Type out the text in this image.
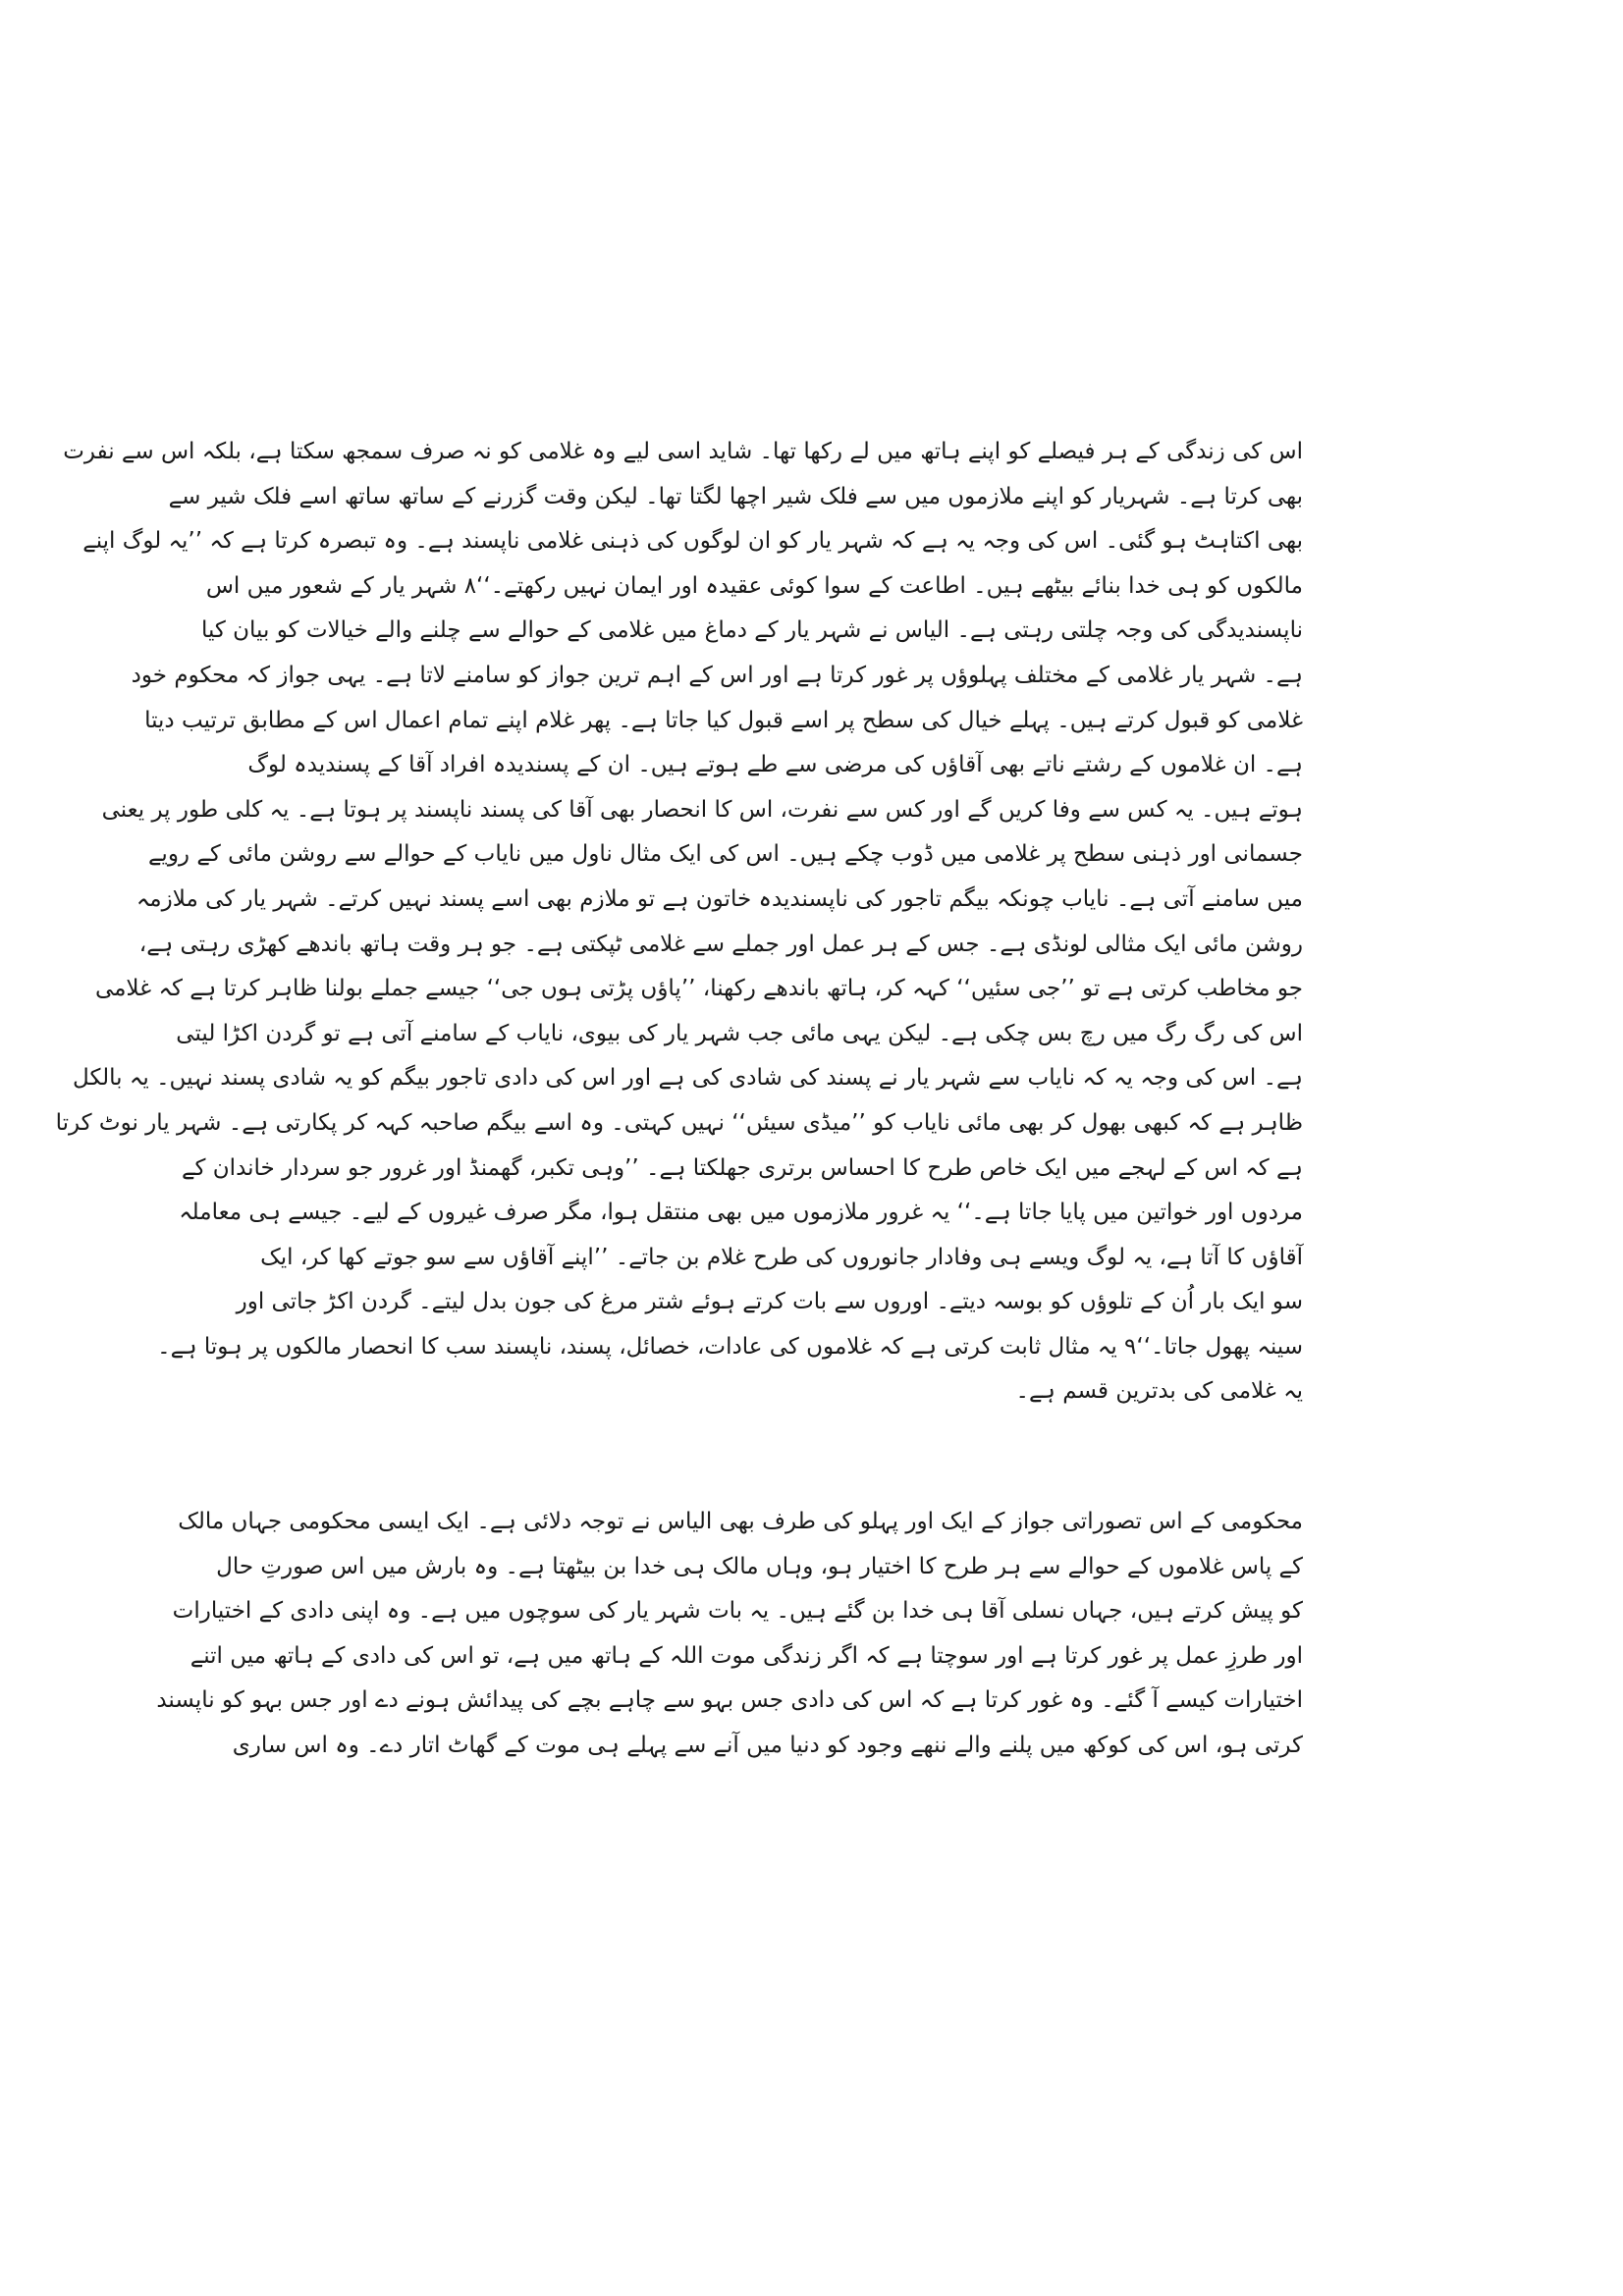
اس کی زندگی کے ہر فیصلے کو اپنے ہاتھ میں لے رکھا تھا۔ شاید اسی لیے وہ غلامی کو نہ صرف سمجھ سکتا ہے، بلکہ اس سے نفرت
بھی کرتا ہے۔ شہریار کو اپنے ملازموں میں سے فلک شیر اچھا لگتا تھا۔ لیکن وقت گزرنے کے ساتھ ساتھ اسے فلک شیر سے
بھی اکتاہٹ ہو گئی۔ اس کی وجہ یہ ہے کہ شہر یار کو ان لوگوں کی ذہنی غلامی ناپسند ہے۔ وہ تبصرہ کرتا ہے کہ ’’یہ لوگ اپنے
مالکوں کو ہی خدا بنائے بیٹھے ہیں۔ اطاعت کے سوا کوئی عقیدہ اور ایمان نہیں رکھتے۔‘‘۸ شہر یار کے شعور میں اس
ناپسندیدگی کی وجہ چلتی رہتی ہے۔ الیاس نے شہر یار کے دماغ میں غلامی کے حوالے سے چلنے والے خیالات کو بیان کیا
ہے۔ شہر یار غلامی کے مختلف پہلوؤں پر غور کرتا ہے اور اس کے اہم ترین جواز کو سامنے لاتا ہے۔ یہی جواز کہ محکوم خود
غلامی کو قبول کرتے ہیں۔ پہلے خیال کی سطح پر اسے قبول کیا جاتا ہے۔ پھر غلام اپنے تمام اعمال اس کے مطابق ترتیب دیتا
ہے۔ ان غلاموں کے رشتے ناتے بھی آقاؤں کی مرضی سے طے ہوتے ہیں۔ ان کے پسندیدہ افراد آقا کے پسندیدہ لوگ
ہوتے ہیں۔ یہ کس سے وفا کریں گے اور کس سے نفرت، اس کا انحصار بھی آقا کی پسند ناپسند پر ہوتا ہے۔ یہ کلی طور پر یعنی
جسمانی اور ذہنی سطح پر غلامی میں ڈوب چکے ہیں۔ اس کی ایک مثال ناول میں نایاب کے حوالے سے روشن مائی کے رویے
میں سامنے آتی ہے۔ نایاب چونکہ بیگم تاجور کی ناپسندیدہ خاتون ہے تو ملازم بھی اسے پسند نہیں کرتے۔ شہر یار کی ملازمہ
روشن مائی ایک مثالی لونڈی ہے۔ جس کے ہر عمل اور جملے سے غلامی ٹپکتی ہے۔ جو ہر وقت ہاتھ باندھے کھڑی رہتی ہے،
جو مخاطب کرتی ہے تو ’’جی سئیں‘‘ کہہ کر، ہاتھ باندھے رکھنا، ’’پاؤں پڑتی ہوں جی‘‘ جیسے جملے بولنا ظاہر کرتا ہے کہ غلامی
اس کی رگ رگ میں رچ بس چکی ہے۔ لیکن یہی مائی جب شہر یار کی بیوی، نایاب کے سامنے آتی ہے تو گردن اکڑا لیتی
ہے۔ اس کی وجہ یہ کہ نایاب سے شہر یار نے پسند کی شادی کی ہے اور اس کی دادی تاجور بیگم کو یہ شادی پسند نہیں۔ یہ بالکل
ظاہر ہے کہ کبھی بھول کر بھی مائی نایاب کو ’’میڈی سیئں‘‘ نہیں کہتی۔ وہ اسے بیگم صاحبہ کہہ کر پکارتی ہے۔ شہر یار نوٹ کرتا
ہے کہ اس کے لہجے میں ایک خاص طرح کا احساس برتری جھلکتا ہے۔ ’’وہی تکبر، گھمنڈ اور غرور جو سردار خاندان کے
مردوں اور خواتین میں پایا جاتا ہے۔‘‘ یہ غرور ملازموں میں بھی منتقل ہوا، مگر صرف غیروں کے لیے۔ جیسے ہی معاملہ
آقاؤں کا آتا ہے، یہ لوگ ویسے ہی وفادار جانوروں کی طرح غلام بن جاتے۔ ’’اپنے آقاؤں سے سو جوتے کھا کر، ایک
سو ایک بار اُن کے تلوؤں کو بوسہ دیتے۔ اوروں سے بات کرتے ہوئے شتر مرغ کی جون بدل لیتے۔ گردن اکڑ جاتی اور
سینہ پھول جاتا۔‘‘۹ یہ مثال ثابت کرتی ہے کہ غلاموں کی عادات، خصائل، پسند، ناپسند سب کا انحصار مالکوں پر ہوتا ہے۔
یہ غلامی کی بدترین قسم ہے۔
محکومی کے اس تصوراتی جواز کے ایک اور پہلو کی طرف بھی الیاس نے توجہ دلائی ہے۔ ایک ایسی محکومی جہاں مالک
کے پاس غلاموں کے حوالے سے ہر طرح کا اختیار ہو، وہاں مالک ہی خدا بن بیٹھتا ہے۔ وہ بارش میں اس صورتِ حال
کو پیش کرتے ہیں، جہاں نسلی آقا ہی خدا بن گئے ہیں۔ یہ بات شہر یار کی سوچوں میں ہے۔ وہ اپنی دادی کے اختیارات
اور طرزِ عمل پر غور کرتا ہے اور سوچتا ہے کہ اگر زندگی موت اللہ کے ہاتھ میں ہے، تو اس کی دادی کے ہاتھ میں اتنے
اختیارات کیسے آ گئے۔ وہ غور کرتا ہے کہ اس کی دادی جس بہو سے چاہے بچے کی پیدائش ہونے دے اور جس بہو کو ناپسند
کرتی ہو، اس کی کوکھ میں پلنے والے ننھے وجود کو دنیا میں آنے سے پہلے ہی موت کے گھاٹ اتار دے۔ وہ اس ساری
